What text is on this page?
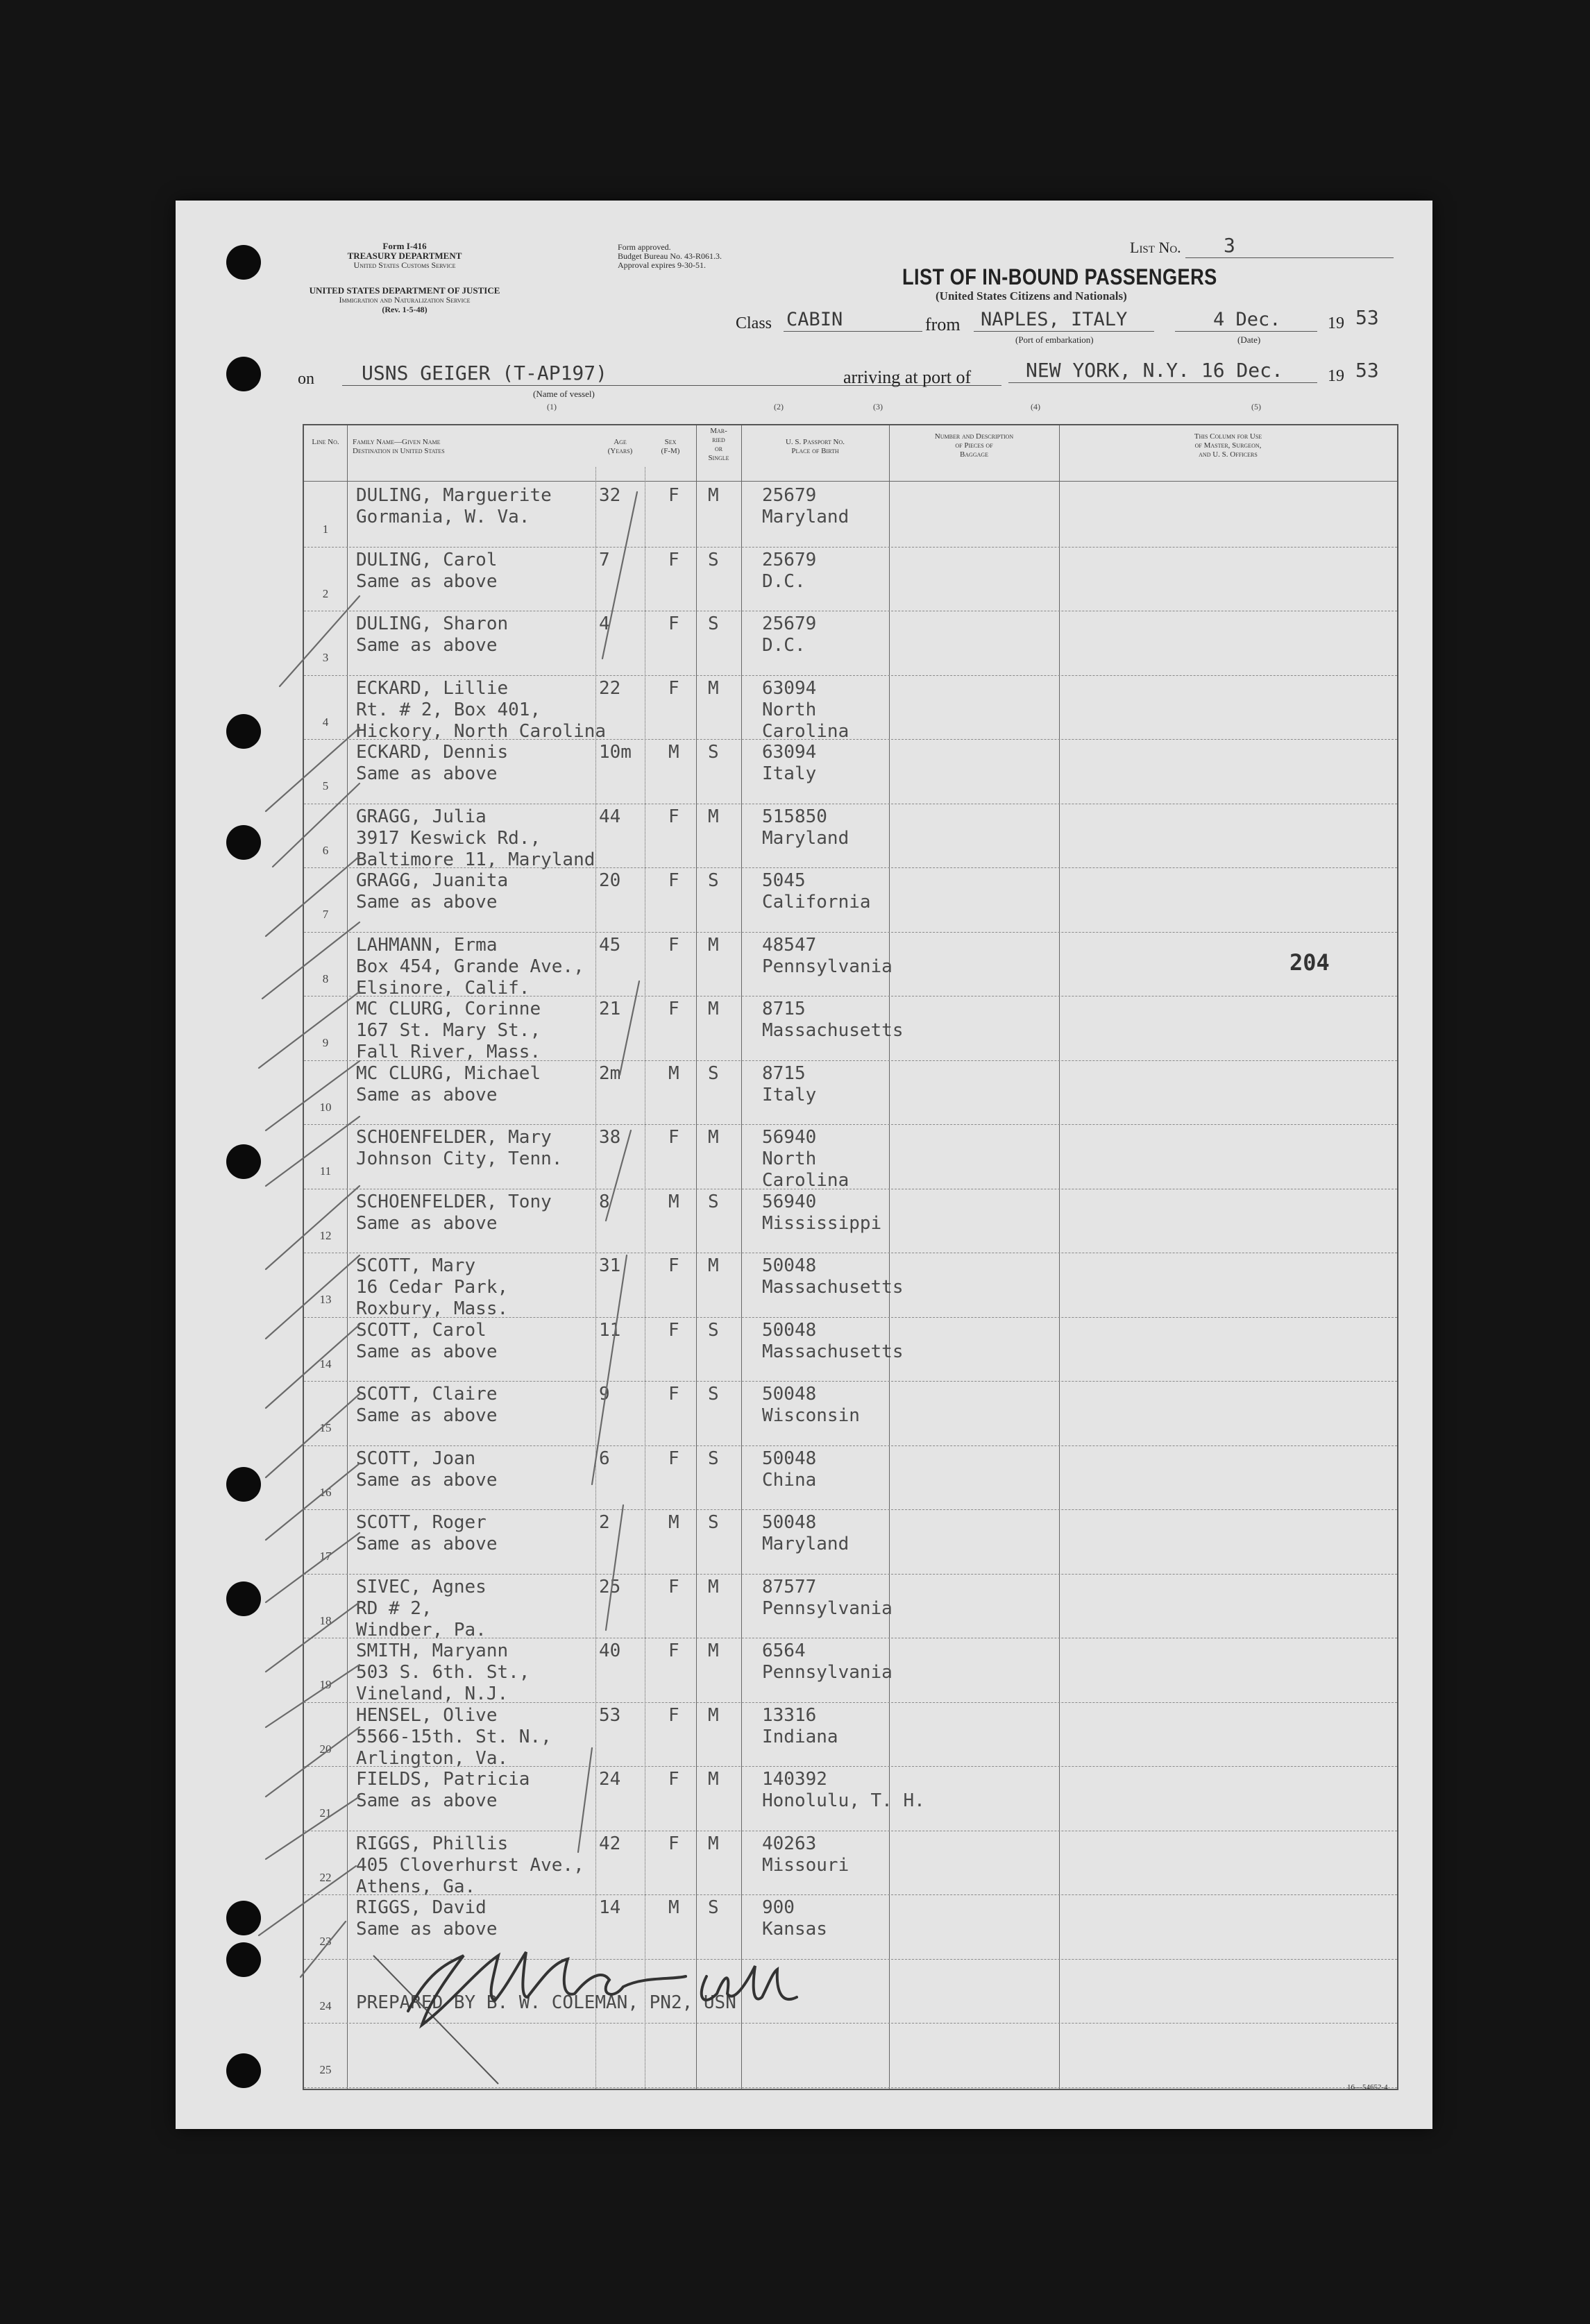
Form I-416
TREASURY DEPARTMENT
United States Customs Service
UNITED STATES DEPARTMENT OF JUSTICE
Immigration and Naturalization Service
(Rev. 1-5-48)
Form approved.
Budget Bureau No. 43-R061.3.
Approval expires 9-30-51.
List No. 3
LIST OF IN-BOUND PASSENGERS
(United States Citizens and Nationals)
Class CABIN	from NAPLES, ITALY
(Port of embarkation)
4 Dec.
(Date)
19 53
on USNS GEIGER (T-AP197)
(Name of vessel)
(1)
arriving at port of	NEW YORK, N.Y. 16 Dec.	19 53
(2)	(3)	(4)	(5)
Line No.	Family Name—Given Name
Destination in United States
Age
(Years)
Sex
(F-M)
Mar-
ried
or
Single
U. S. Passport No.
Place of Birth
Number and Description
of Pieces of
Baggage
This Column for Use
of Master, Surgeon,
and U. S. Officers
1
DULING, Marguerite
Gormania, W. Va.
32	F M 25679
Maryland
2
DULING, Carol
Same as above
7	F S 25679
D.C.
3
DULING, Sharon
Same as above
4	F S 25679
D.C.
4
ECKARD, Lillie
Rt. # 2, Box 401,
Hickory, North Carolina
22	F M 63094
North
Carolina
5
ECKARD, Dennis
Same as above
10m M S 63094
Italy
6
GRAGG, Julia
3917 Keswick Rd.,
Baltimore 11, Maryland
44	F M 515850
Maryland
7
GRAGG, Juanita
Same as above
20	F S 5045
California
8
LAHMANN, Erma
Box 454, Grande Ave.,
Elsinore, Calif.
45	F M 48547
Pennsylvania
9
MC CLURG, Corinne
167 St. Mary St.,
Fall River, Mass.
21	F M 8715
Massachusetts
10
MC CLURG, Michael
Same as above
2m	M S 8715
Italy
11
SCHOENFELDER, Mary
Johnson City, Tenn.
38	F M 56940
North
Carolina
12
SCHOENFELDER, Tony
Same as above
8	M S 56940
Mississippi
13
SCOTT, Mary
16 Cedar Park,
Roxbury, Mass.
31	F M 50048
Massachusetts
14
SCOTT, Carol
Same as above
11	F S 50048
Massachusetts
15
SCOTT, Claire
Same as above
9	F S 50048
Wisconsin
16
SCOTT, Joan
Same as above
6	F S 50048
China
17
SCOTT, Roger
Same as above
2	M S 50048
Maryland
18
SIVEC, Agnes
RD # 2,
Windber, Pa.
25	F M 87577
Pennsylvania
19
SMITH, Maryann
503 S. 6th. St.,
Vineland, N.J.
40	F M 6564
Pennsylvania
20
HENSEL, Olive
5566-15th. St. N.,
Arlington, Va.
53	F M 13316
Indiana
21
FIELDS, Patricia
Same as above
24	F M 140392
Honolulu, T. H.
22
RIGGS, Phillis
405 Cloverhurst Ave.,
Athens, Ga.
42	F M 40263
Missouri
23
RIGGS, David
Same as above
14	M S 900
Kansas
24
25
204
PREPARED BY B. W. COLEMAN, PN2, USN
16—54652-4
